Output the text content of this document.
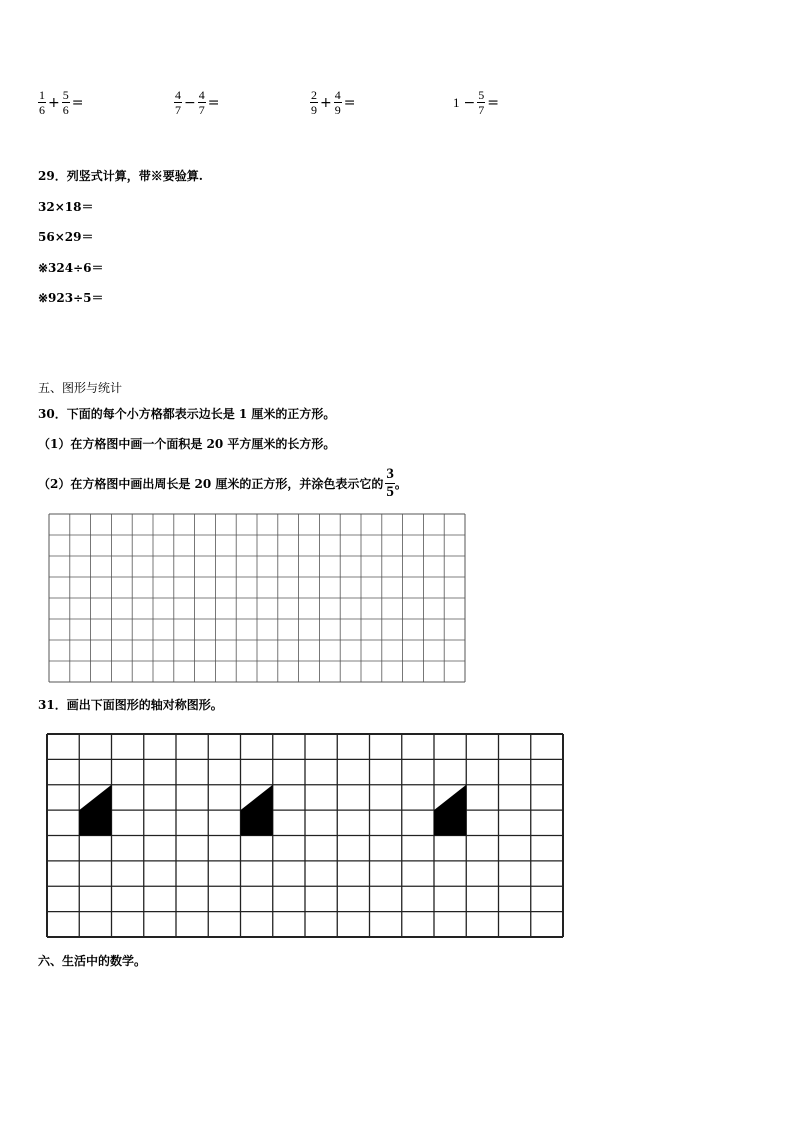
$\frac{1}{6} + \frac{5}{6}$ =	$\frac{4}{7} - \frac{4}{7}$ =	$\frac{2}{9} + \frac{4}{9}$ =	$1 - \frac{5}{7}$ =
29．列竖式计算，带※要验算.
32×18＝
56×29＝
※324÷6＝
※923÷5＝
五、图形与统计
30．下面的每个小方格都表示边长是 1 厘米的正方形。
（1）在方格图中画一个面积是 20 平方厘米的长方形。
（2）在方格图中画出周长是 20 厘米的正方形，并涂色表示它的 $\frac{3}{5}$ 。
31．画出下面图形的轴对称图形。
六、生活中的数学。
